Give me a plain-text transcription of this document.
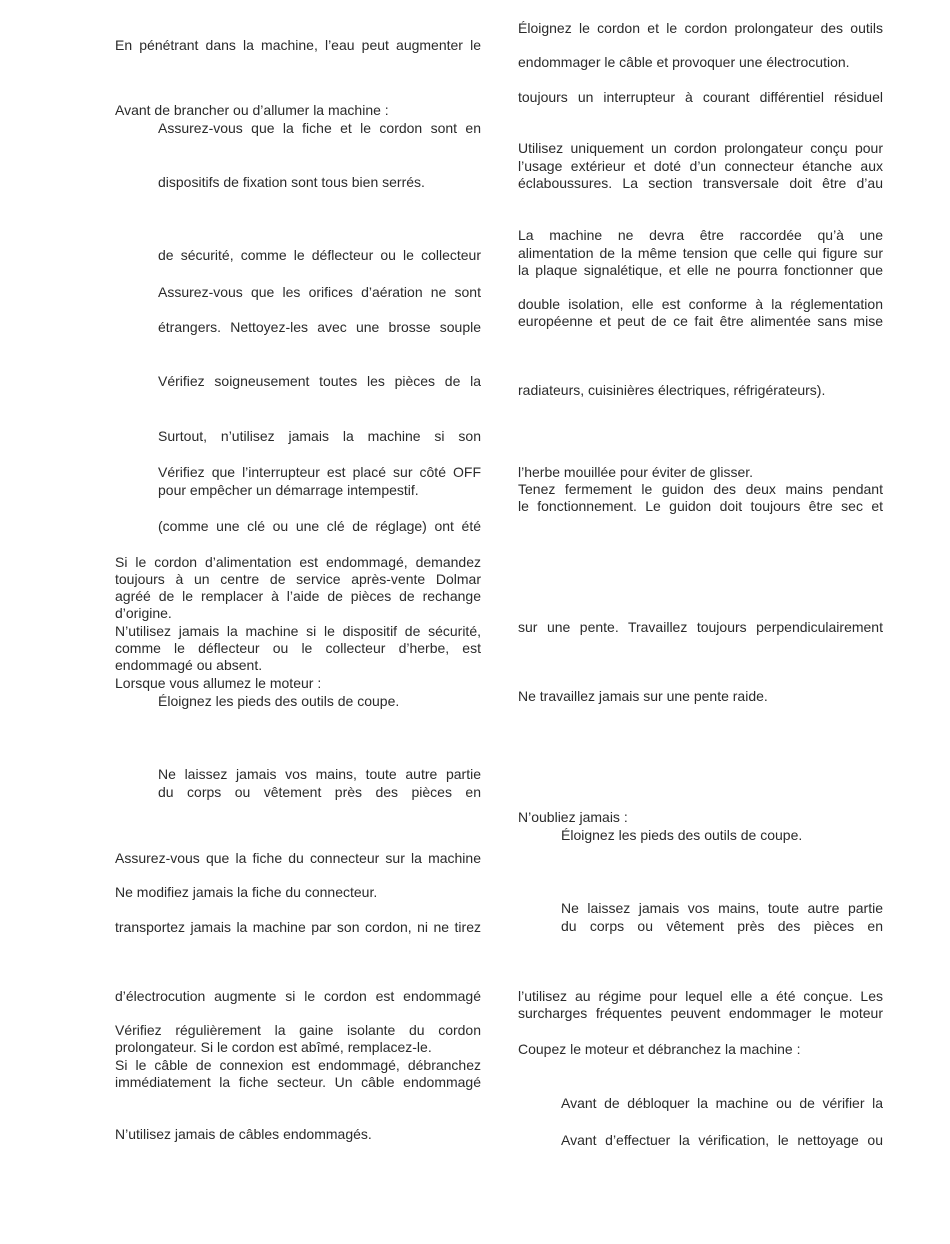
En pénétrant dans la machine, l’eau peut augmenter le
Avant de brancher ou d’allumer la machine :
Assurez-vous que la fiche et le cordon sont en
dispositifs de fixation sont tous bien serrés.
de sécurité, comme le déflecteur ou le collecteur
Assurez-vous que les orifices d’aération ne sont
étrangers. Nettoyez-les avec une brosse souple
Vérifiez soigneusement toutes les pièces de la
Surtout, n’utilisez jamais la machine si son
Vérifiez que l’interrupteur est placé sur côté OFF
pour empêcher un démarrage intempestif.
(comme une clé ou une clé de réglage) ont été
Si le cordon d’alimentation est endommagé, demandez
toujours à un centre de service après-vente Dolmar
agréé de le remplacer à l’aide de pièces de rechange
d’origine.
N’utilisez jamais la machine si le dispositif de sécurité,
comme le déflecteur ou le collecteur d’herbe, est
endommagé ou absent.
Lorsque vous allumez le moteur :
Éloignez les pieds des outils de coupe.
Ne laissez jamais vos mains, toute autre partie
du corps ou vêtement près des pièces en
Assurez-vous que la fiche du connecteur sur la machine
Ne modifiez jamais la fiche du connecteur.
transportez jamais la machine par son cordon, ni ne tirez
d’électrocution augmente si le cordon est endommagé
Vérifiez régulièrement la gaine isolante du cordon
prolongateur. Si le cordon est abîmé, remplacez-le.
Si le câble de connexion est endommagé, débranchez
immédiatement la fiche secteur. Un câble endommagé
N’utilisez jamais de câbles endommagés.
Éloignez le cordon et le cordon prolongateur des outils
endommager le câble et provoquer une électrocution.
toujours un interrupteur à courant différentiel résiduel
Utilisez uniquement un cordon prolongateur conçu pour
l’usage extérieur et doté d’un connecteur étanche aux
éclaboussures. La section transversale doit être d’au
La machine ne devra être raccordée qu’à une
alimentation de la même tension que celle qui figure sur
la plaque signalétique, et elle ne pourra fonctionner que
double isolation, elle est conforme à la réglementation
européenne et peut de ce fait être alimentée sans mise
radiateurs, cuisinières électriques, réfrigérateurs).
l’herbe mouillée pour éviter de glisser.
Tenez fermement le guidon des deux mains pendant
le fonctionnement. Le guidon doit toujours être sec et
sur une pente. Travaillez toujours perpendiculairement
Ne travaillez jamais sur une pente raide.
N’oubliez jamais :
Éloignez les pieds des outils de coupe.
Ne laissez jamais vos mains, toute autre partie
du corps ou vêtement près des pièces en
l’utilisez au régime pour lequel elle a été conçue. Les
surcharges fréquentes peuvent endommager le moteur
Coupez le moteur et débranchez la machine :
Avant de débloquer la machine ou de vérifier la
Avant d’effectuer la vérification, le nettoyage ou
